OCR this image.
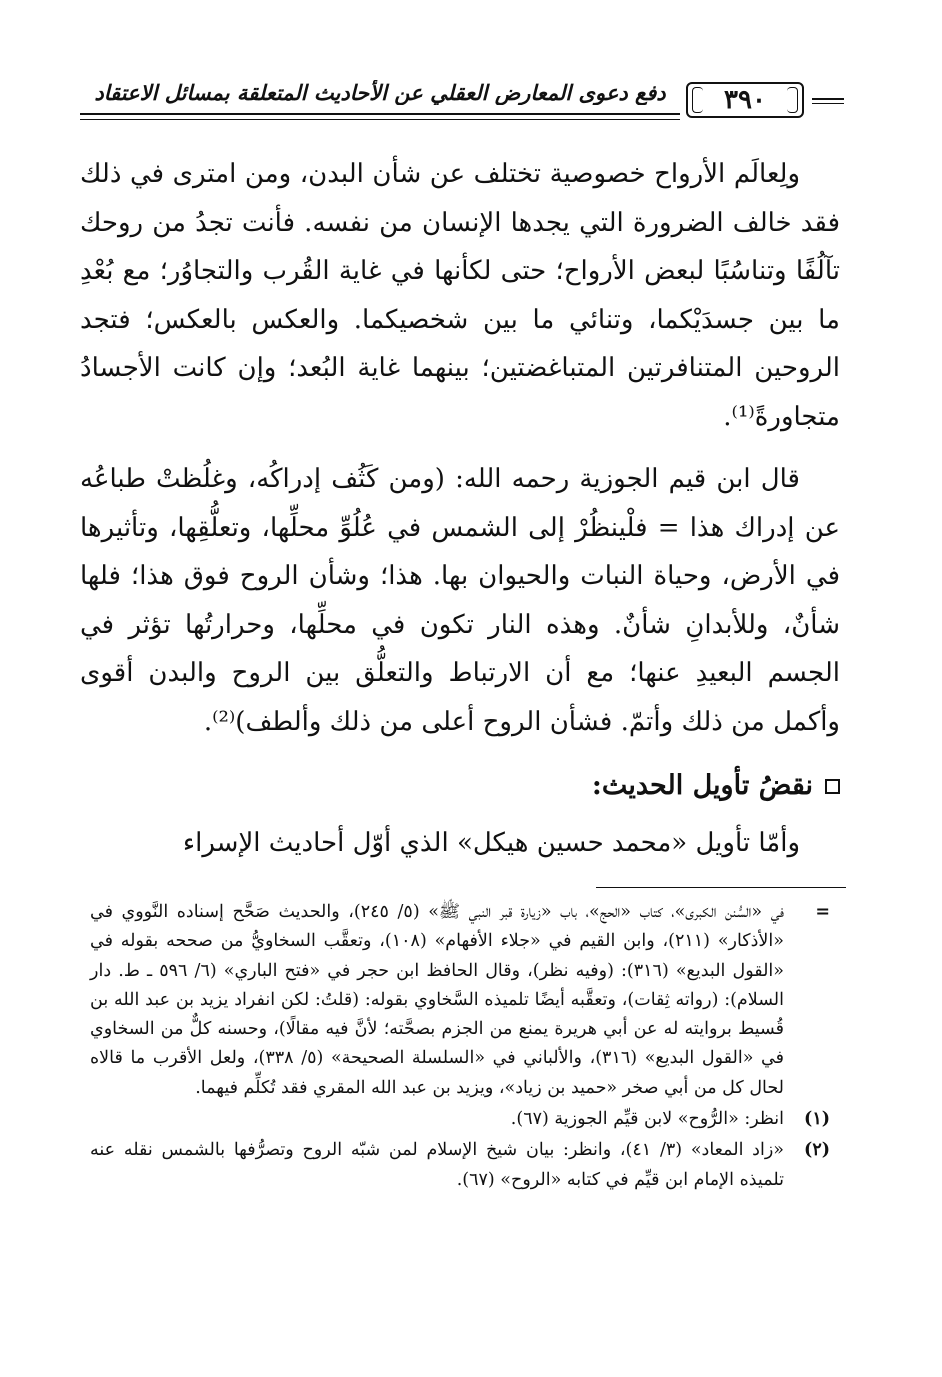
دفع دعوى المعارض العقلي عن الأحاديث المتعلقة بمسائل الاعتقاد ٣٩٠

ولِعالَم الأرواح خصوصية تختلف عن شأن البدن، ومن امترى في ذلك فقد خالف الضرورة التي يجدها الإنسان من نفسه. فأنت تجدُ من روحك تآلُفًا وتناسُبًا لبعض الأرواح؛ حتى لكأنها في غاية القُرب والتجاوُر؛ مع بُعْدِ ما بين جسدَيْكما، وتنائي ما بين شخصيكما. والعكس بالعكس؛ فتجد الروحين المتنافرتين المتباغضتين؛ بينهما غاية البُعد؛ وإن كانت الأجسادُ متجاورةً⁽¹⁾.

قال ابن قيم الجوزية رحمه الله: (ومن كَثُف إدراكُه، وغلُظتْ طباعُه عن إدراك هذا = فلْينظُرْ إلى الشمس في عُلُوِّ محلِّها، وتعلُّقِها، وتأثيرها في الأرض، وحياة النبات والحيوان بها. هذا؛ وشأن الروح فوق هذا؛ فلها شأنٌ، وللأبدانِ شأنٌ. وهذه النار تكون في محلِّها، وحرارتُها تؤثر في الجسم البعيدِ عنها؛ مع أن الارتباط والتعلُّق بين الروح والبدن أقوى وأكمل من ذلك وأتمّ. فشأن الروح أعلى من ذلك وألطف)⁽²⁾.

نقضُ تأويل الحديث:

وأمّا تأويل «محمد حسين هيكل» الذي أوّل أحاديث الإسراء

=
في «السُّنن الكبرى»، كتاب «الحج»، باب «زيارة قبر النبي ﷺ» (٥/ ٢٤٥)، والحديث صَحَّح إسناده النَّووي في «الأذكار» (٢١١)، وابن القيم في «جلاء الأفهام» (١٠٨)، وتعقَّب السخاويُّ من صححه بقوله في «القول البديع» (٣١٦): (وفيه نظر)، وقال الحافظ ابن حجر في «فتح الباري» (٦/ ٥٩٦ ـ ط. دار السلام): (رواته ثِقات)، وتعقَّبه أيضًا تلميذه السَّخاوي بقوله: (قلتُ: لكن انفراد يزيد بن عبد الله بن قُسيط بروايته له عن أبي هريرة يمنع من الجزم بصحَّته؛ لأنَّ فيه مقالًا)، وحسنه كلٌّ من السخاوي في «القول البديع» (٣١٦)، والألباني في «السلسلة الصحيحة» (٥/ ٣٣٨)، ولعل الأقرب ما قالاه لحال كل من أبي صخر «حميد بن زياد»، ويزيد بن عبد الله المقري فقد تُكلِّم فيهما.
(١)
انظر: «الرُّوح» لابن قيِّم الجوزية (٦٧).
(٢)
«زاد المعاد» (٣/ ٤١)، وانظر: بيان شيخ الإسلام لمن شبّه الروح وتصرُّفها بالشمس نقله عنه تلميذه الإمام ابن قيِّم في كتابه «الروح» (٦٧).
